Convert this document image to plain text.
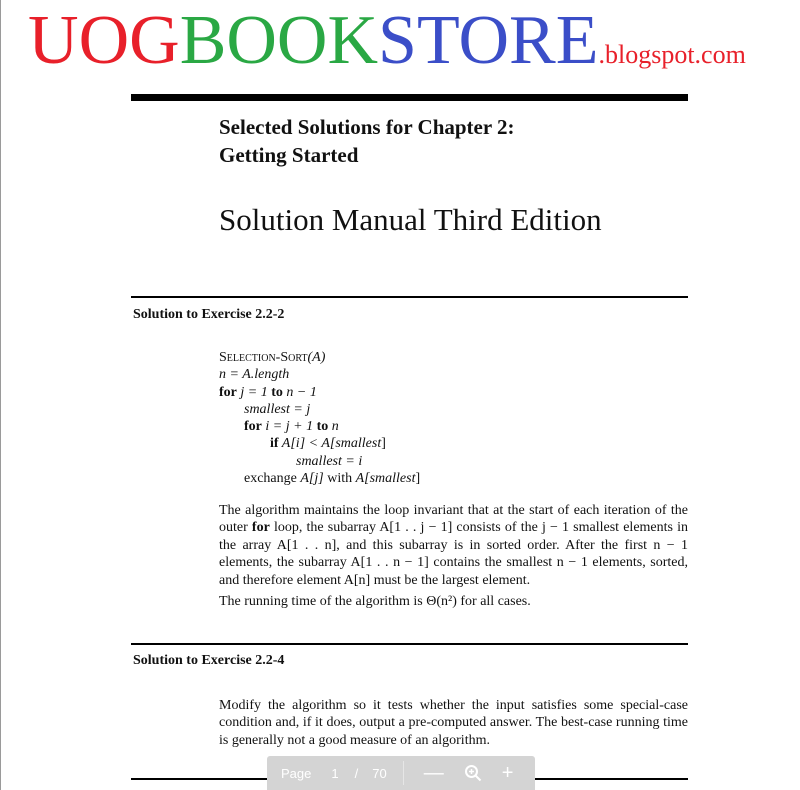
UOGBOOKSTORE.blogspot.com
Selected Solutions for Chapter 2:
Getting Started
Solution Manual Third Edition
Solution to Exercise 2.2-2
Selection-Sort(A)
n = A.length
for j = 1 to n − 1
smallest = j
for i = j + 1 to n
if A[i] < A[smallest]
smallest = i
exchange A[j] with A[smallest]
The algorithm maintains the loop invariant that at the start of each iteration of the outer for loop, the subarray A[1 . . j − 1] consists of the j − 1 smallest elements in the array A[1 . . n], and this subarray is in sorted order. After the first n − 1 elements, the subarray A[1 . . n − 1] contains the smallest n − 1 elements, sorted, and therefore element A[n] must be the largest element.
The running time of the algorithm is Θ(n²) for all cases.
Solution to Exercise 2.2-4
Modify the algorithm so it tests whether the input satisfies some special-case condition and, if it does, output a pre-computed answer. The best-case running time is generally not a good measure of an algorithm.
Page 1 / 70 —	+
